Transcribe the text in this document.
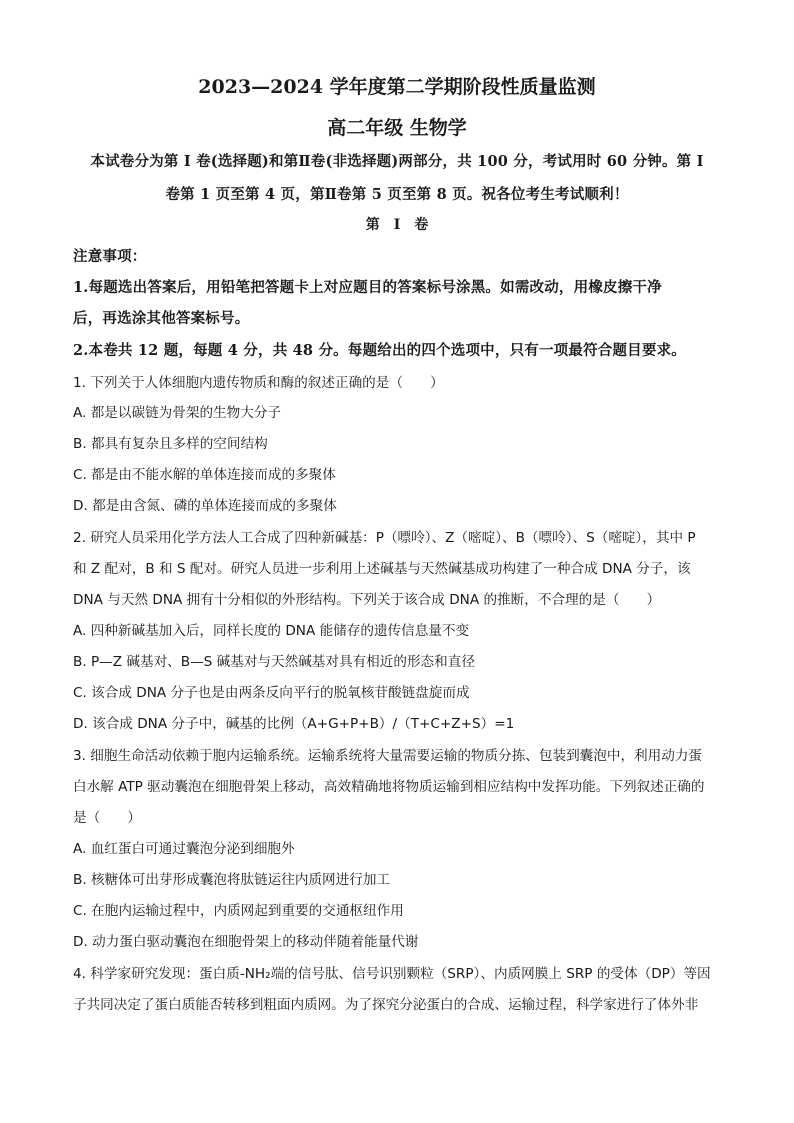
2023—2024 学年度第二学期阶段性质量监测
高二年级 生物学
本试卷分为第 I 卷(选择题)和第Ⅱ卷(非选择题)两部分，共 100 分，考试用时 60 分钟。第 I
卷第 1 页至第 4 页，第Ⅱ卷第 5 页至第 8 页。祝各位考生考试顺利！
第　I　卷
注意事项：
1.每题选出答案后，用铅笔把答题卡上对应题目的答案标号涂黑。如需改动，用橡皮擦干净
后，再选涂其他答案标号。
2.本卷共 12 题，每题 4 分，共 48 分。每题给出的四个选项中，只有一项最符合题目要求。
1. 下列关于人体细胞内遗传物质和酶的叙述正确的是（　　）
A. 都是以碳链为骨架的生物大分子
B. 都具有复杂且多样的空间结构
C. 都是由不能水解的单体连接而成的多聚体
D. 都是由含氮、磷的单体连接而成的多聚体
2. 研究人员采用化学方法人工合成了四种新碱基：P（嘌呤）、Z（嘧啶）、B（嘌呤）、S（嘧啶），其中 P
和 Z 配对，B 和 S 配对。研究人员进一步利用上述碱基与天然碱基成功构建了一种合成 DNA 分子，该
DNA 与天然 DNA 拥有十分相似的外形结构。下列关于该合成 DNA 的推断，不合理的是（　　）
A. 四种新碱基加入后，同样长度的 DNA 能储存的遗传信息量不变
B. P—Z 碱基对、B—S 碱基对与天然碱基对具有相近的形态和直径
C. 该合成 DNA 分子也是由两条反向平行的脱氧核苷酸链盘旋而成
D. 该合成 DNA 分子中，碱基的比例（A+G+P+B）/（T+C+Z+S）=1
3. 细胞生命活动依赖于胞内运输系统。运输系统将大量需要运输的物质分拣、包装到囊泡中，利用动力蛋
白水解 ATP 驱动囊泡在细胞骨架上移动，高效精确地将物质运输到相应结构中发挥功能。下列叙述正确的
是（　　）
A. 血红蛋白可通过囊泡分泌到细胞外
B. 核糖体可出芽形成囊泡将肽链运往内质网进行加工
C. 在胞内运输过程中，内质网起到重要的交通枢纽作用
D. 动力蛋白驱动囊泡在细胞骨架上的移动伴随着能量代谢
4. 科学家研究发现：蛋白质-NH₂端的信号肽、信号识别颗粒（SRP）、内质网膜上 SRP 的受体（DP）等因
子共同决定了蛋白质能否转移到粗面内质网。为了探究分泌蛋白的合成、运输过程，科学家进行了体外非
